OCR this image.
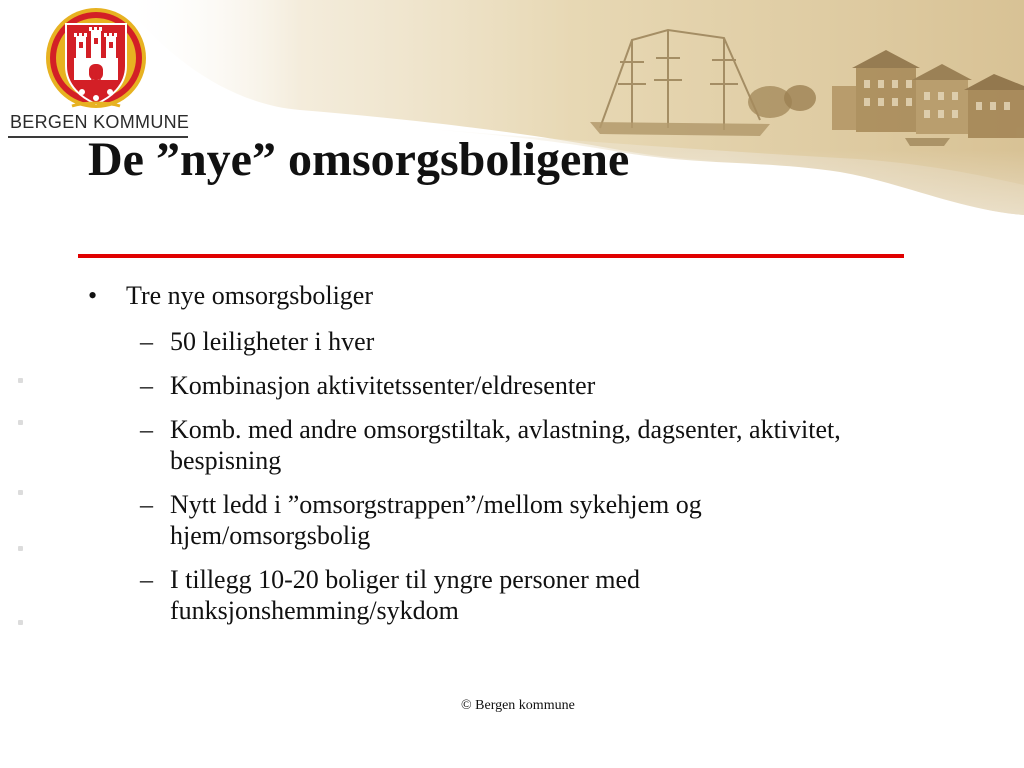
BERGEN KOMMUNE
De ”nye” omsorgsboligene
• Tre nye omsorgsboliger
– 50 leiligheter i hver
– Kombinasjon aktivitetssenter/eldresenter
– Komb. med andre omsorgstiltak, avlastning, dagsenter, aktivitet, bespisning
– Nytt ledd i ”omsorgstrappen”/mellom sykehjem og hjem/omsorgsbolig
– I tillegg 10-20 boliger til yngre personer med funksjonshemming/sykdom
© Bergen kommune
